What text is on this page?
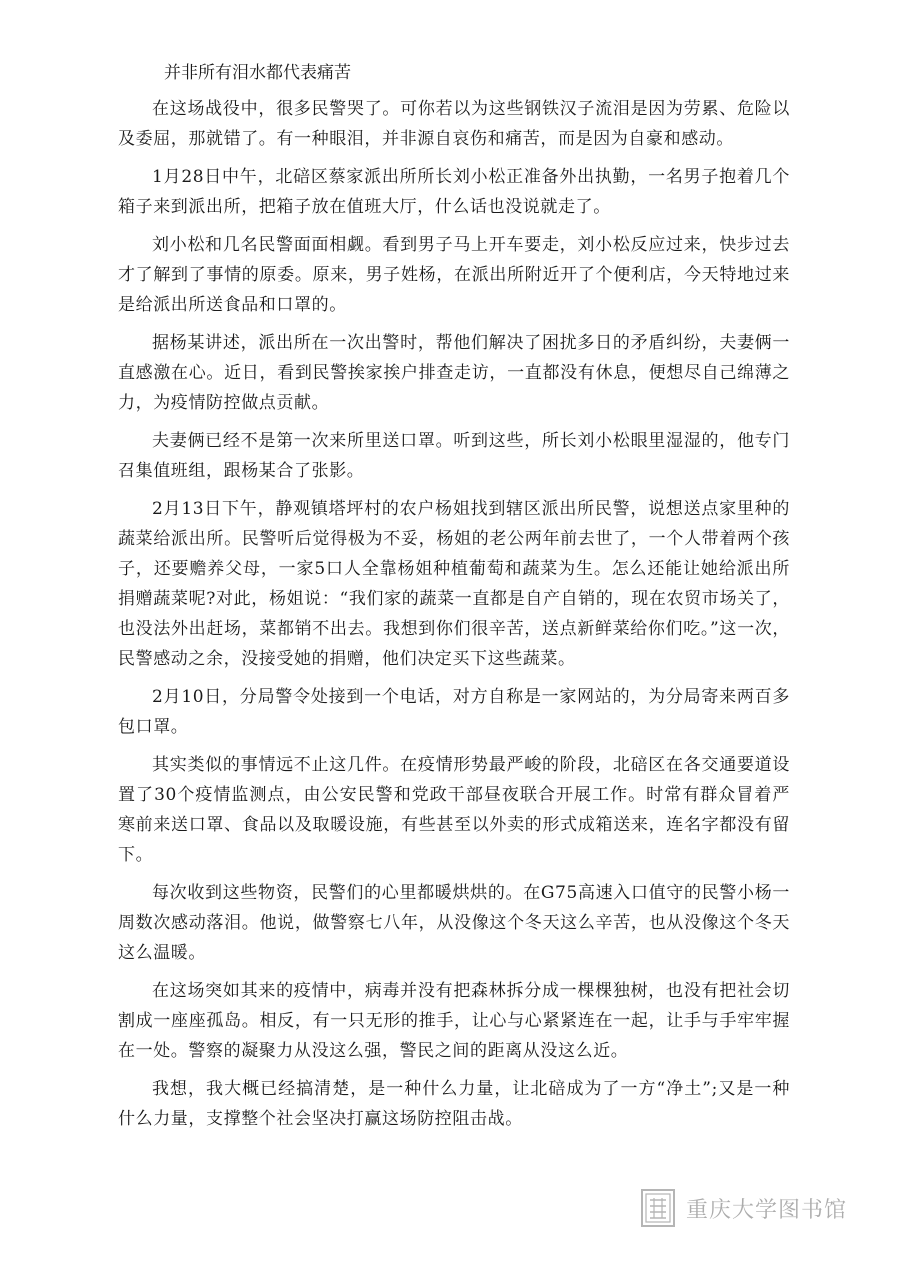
并非所有泪水都代表痛苦

在这场战役中，很多民警哭了。可你若以为这些钢铁汉子流泪是因为劳累、危险以及委屈，那就错了。有一种眼泪，并非源自哀伤和痛苦，而是因为自豪和感动。

1月28日中午，北碚区蔡家派出所所长刘小松正准备外出执勤，一名男子抱着几个箱子来到派出所，把箱子放在值班大厅，什么话也没说就走了。

刘小松和几名民警面面相觑。看到男子马上开车要走，刘小松反应过来，快步过去才了解到了事情的原委。原来，男子姓杨，在派出所附近开了个便利店，今天特地过来是给派出所送食品和口罩的。

据杨某讲述，派出所在一次出警时，帮他们解决了困扰多日的矛盾纠纷，夫妻俩一直感激在心。近日，看到民警挨家挨户排查走访，一直都没有休息，便想尽自己绵薄之力，为疫情防控做点贡献。

夫妻俩已经不是第一次来所里送口罩。听到这些，所长刘小松眼里湿湿的，他专门召集值班组，跟杨某合了张影。

2月13日下午，静观镇塔坪村的农户杨姐找到辖区派出所民警，说想送点家里种的蔬菜给派出所。民警听后觉得极为不妥，杨姐的老公两年前去世了，一个人带着两个孩子，还要赡养父母，一家5口人全靠杨姐种植葡萄和蔬菜为生。怎么还能让她给派出所捐赠蔬菜呢?对此，杨姐说：“我们家的蔬菜一直都是自产自销的，现在农贸市场关了，也没法外出赶场，菜都销不出去。我想到你们很辛苦，送点新鲜菜给你们吃。”这一次，民警感动之余，没接受她的捐赠，他们决定买下这些蔬菜。

2月10日，分局警令处接到一个电话，对方自称是一家网站的，为分局寄来两百多包口罩。

其实类似的事情远不止这几件。在疫情形势最严峻的阶段，北碚区在各交通要道设置了30个疫情监测点，由公安民警和党政干部昼夜联合开展工作。时常有群众冒着严寒前来送口罩、食品以及取暖设施，有些甚至以外卖的形式成箱送来，连名字都没有留下。

每次收到这些物资，民警们的心里都暖烘烘的。在G75高速入口值守的民警小杨一周数次感动落泪。他说，做警察七八年，从没像这个冬天这么辛苦，也从没像这个冬天这么温暖。

在这场突如其来的疫情中，病毒并没有把森林拆分成一棵棵独树，也没有把社会切割成一座座孤岛。相反，有一只无形的推手，让心与心紧紧连在一起，让手与手牢牢握在一处。警察的凝聚力从没这么强，警民之间的距离从没这么近。

我想，我大概已经搞清楚，是一种什么力量，让北碚成为了一方“净土”;又是一种什么力量，支撑整个社会坚决打赢这场防控阻击战。

重庆大学图书馆
